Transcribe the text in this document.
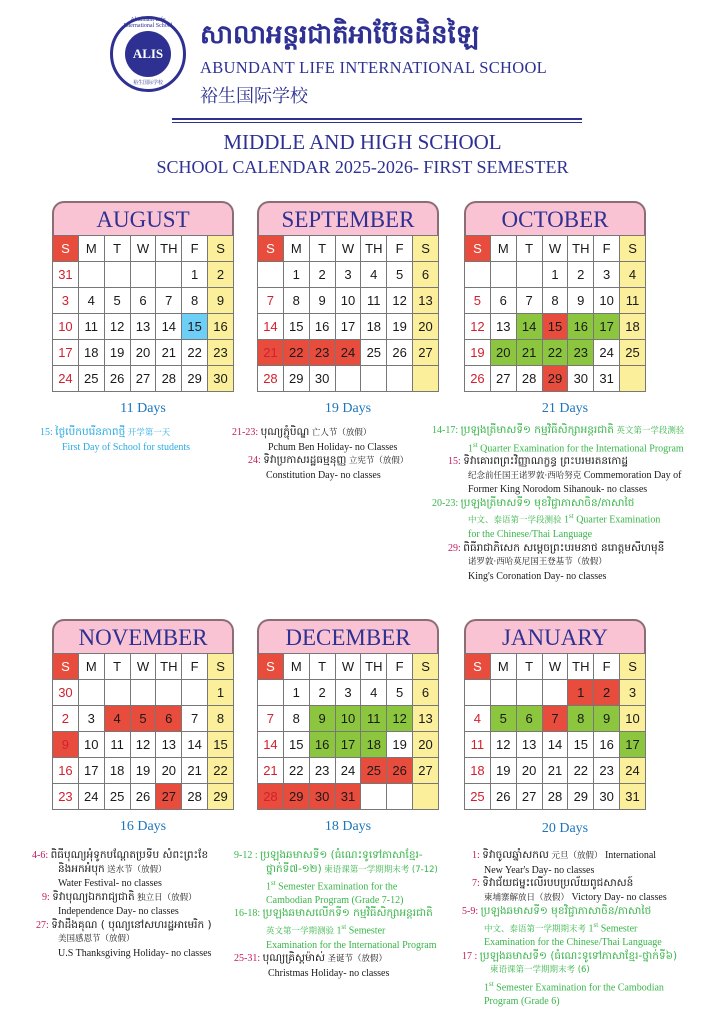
Abundant Life International School
ALIS
裕生国际学校
សាលាអន្តរជាតិអាប៊ែនដិនឡៃ
ABUNDANT LIFE INTERNATIONAL SCHOOL
裕生国际学校
MIDDLE AND HIGH SCHOOL
SCHOOL CALENDAR 2025-2026- FIRST SEMESTER
AUGUST
S	M	T	W	TH	F	S
31					1	2
3	4	5	6	7	8	9
10	11	12	13	14	15	16
17	18	19	20	21	22	23
24	25	26	27	28	29	30
SEPTEMBER
S	M	T	W	TH	F	S
	1	2	3	4	5	6
7	8	9	10	11	12	13
14	15	16	17	18	19	20
21	22	23	24	25	26	27
28	29	30				
OCTOBER
S	M	T	W	TH	F	S
			1	2	3	4
5	6	7	8	9	10	11
12	13	14	15	16	17	18
19	20	21	22	23	24	25
26	27	28	29	30	31	
NOVEMBER
S	M	T	W	TH	F	S
30						1
2	3	4	5	6	7	8
9	10	11	12	13	14	15
16	17	18	19	20	21	22
23	24	25	26	27	28	29
DECEMBER
S	M	T	W	TH	F	S
	1	2	3	4	5	6
7	8	9	10	11	12	13
14	15	16	17	18	19	20
21	22	23	24	25	26	27
28	29	30	31			
JANUARY
S	M	T	W	TH	F	S
				1	2	3
4	5	6	7	8	9	10
11	12	13	14	15	16	17
18	19	20	21	22	23	24
25	26	27	28	29	30	31
11 Days	19 Days	21 Days
16 Days	18 Days	20 Days
15: ថ្ងៃបើកបរើនភាពថ្មី 开学第一天
First Day of School for students
21-23: បុណ្យភ្ជុំបិណ្ឌ 亡人节（放假）
Pchum Ben Holiday- no Classes
24: ទិវាប្រកាសរដ្ឋធម្មនុញ្ញ 立宪节（放假）
Constitution Day- no classes
14-17: ប្រឡងត្រីមាសទី១ កម្មវិធីសិក្សាអន្តរជាតិ 英文第一学段测验
1st Quarter Examination for the International Program
15: ទិវាគោរពព្រះវិញ្ញាណក្ខន្ធ ព្រះបរមរតនកោដ្ឋ
纪念前任国王诺罗敦·西哈努克 Commemoration Day of
Former King Norodom Sihanouk- no classes
20-23: ប្រឡងត្រីមាសទី១ មុខវិជ្ជាភាសាចិន/ភាសាថៃ
中文、泰语第一学段测验 1st Quarter Examination
for the Chinese/Thai Language
29: ពិធីរាជាភិសេក សម្តេចព្រះបរមនាថ នរោត្តមសីហមុនី
诺罗敦·西哈莫尼国王登基节（放假）
King's Coronation Day- no classes
4-6: ពិធីបុណ្យអុំទូកបណ្តែតប្រទីប សំពះព្រះខែ
និងអកអំបុក 送水节（放假）
Water Festival- no classes
9: ទិវាបុណ្យឯករាជ្យជាតិ 独立日（放假）
Independence Day- no classes
27: ទិវាដឹងគុណ ( បុណ្យនៅសហរដ្ឋអាមេរិក )
美国感恩节（放假）
U.S Thanksgiving Holiday- no classes
9-12 : ប្រឡងឆមាសទី១ (ធំណេះទូទៅភាសាខ្មែរ-
ថ្នាក់ទី៧-១២) 柬语课第一学期期末考 (7-12)
1st Semester Examination for the
Cambodian Program (Grade 7-12)
16-18: ប្រឡងឆមាសលើកទី១ កម្មវិធីសិក្សាអន្តរជាតិ
英文第一学期测验 1st Semester
Examination for the International Program
25-31: បុណ្យគ្រិស្តម៉ាស់ 圣诞节（放假）
Christmas Holiday- no classes
1: ទិវាចូលឆ្នាំសកល 元旦（放假） International
New Year's Day- no classes
7: ទិវាជ័យជម្នះលើរបបប្រល័យពូជសាសន៍
柬埔寨解放日（放假） Victory Day- no classes
5-9: ប្រឡងឆមាសទី១ មុខវិជ្ជាភាសាចិន/ភាសាថៃ
中文、泰语第一学期期末考 1st Semester
Examination for the Chinese/Thai Language
17 : ប្រឡងឆមាសទី១ (ធំណេះទូទៅភាសាខ្មែរ-ថ្នាក់ទី៦)
柬语课第一学期期末考 (6)
1st Semester Examination for the Cambodian
Program (Grade 6)
